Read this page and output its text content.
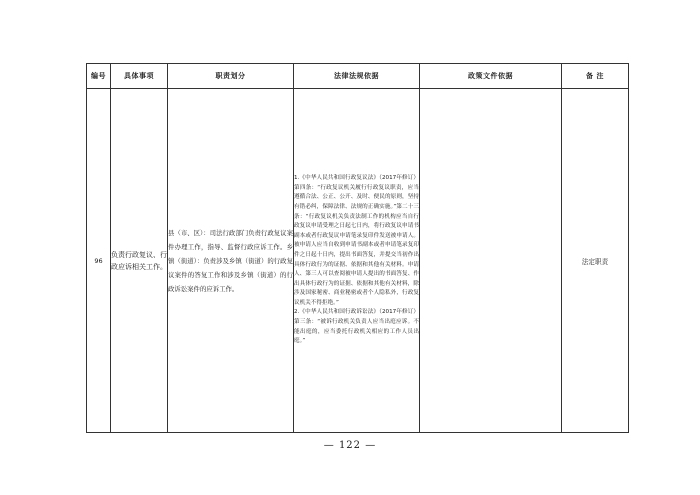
编号	具体事项	职责划分	法律法规依据	政策文件依据	备 注
96	负责行政复议、行政应诉相关工作。	县（市、区）：司法行政部门负责行政复议案件办理工作，指导、监督行政应诉工作。乡镇（街道）：负责涉及乡镇（街道）的行政复议案件的答复工作和涉及乡镇（街道）的行政诉讼案件的应诉工作。	1.《中华人民共和国行政复议法》（2017年修订）第四条：“行政复议机关履行行政复议职责，应当遵循合法、公正、公开、及时、便民的原则，坚持有错必纠，保障法律、法规的正确实施。”第二十三条：“行政复议机关负责法制工作的机构应当自行政复议申请受理之日起七日内，将行政复议申请书副本或者行政复议申请笔录复印件发送被申请人。被申请人应当自收到申请书副本或者申请笔录复印件之日起十日内，提出书面答复，并提交当初作出具体行政行为的证据、依据和其他有关材料。申请人、第三人可以查阅被申请人提出的书面答复、作出具体行政行为的证据、依据和其他有关材料，除涉及国家秘密、商业秘密或者个人隐私外，行政复议机关不得拒绝。”

2.《中华人民共和国行政诉讼法》（2017年修订）第三条：“被诉行政机关负责人应当出庭应诉。不能出庭的，应当委托行政机关相应的工作人员出庭。”		法定职责
— 122 —
